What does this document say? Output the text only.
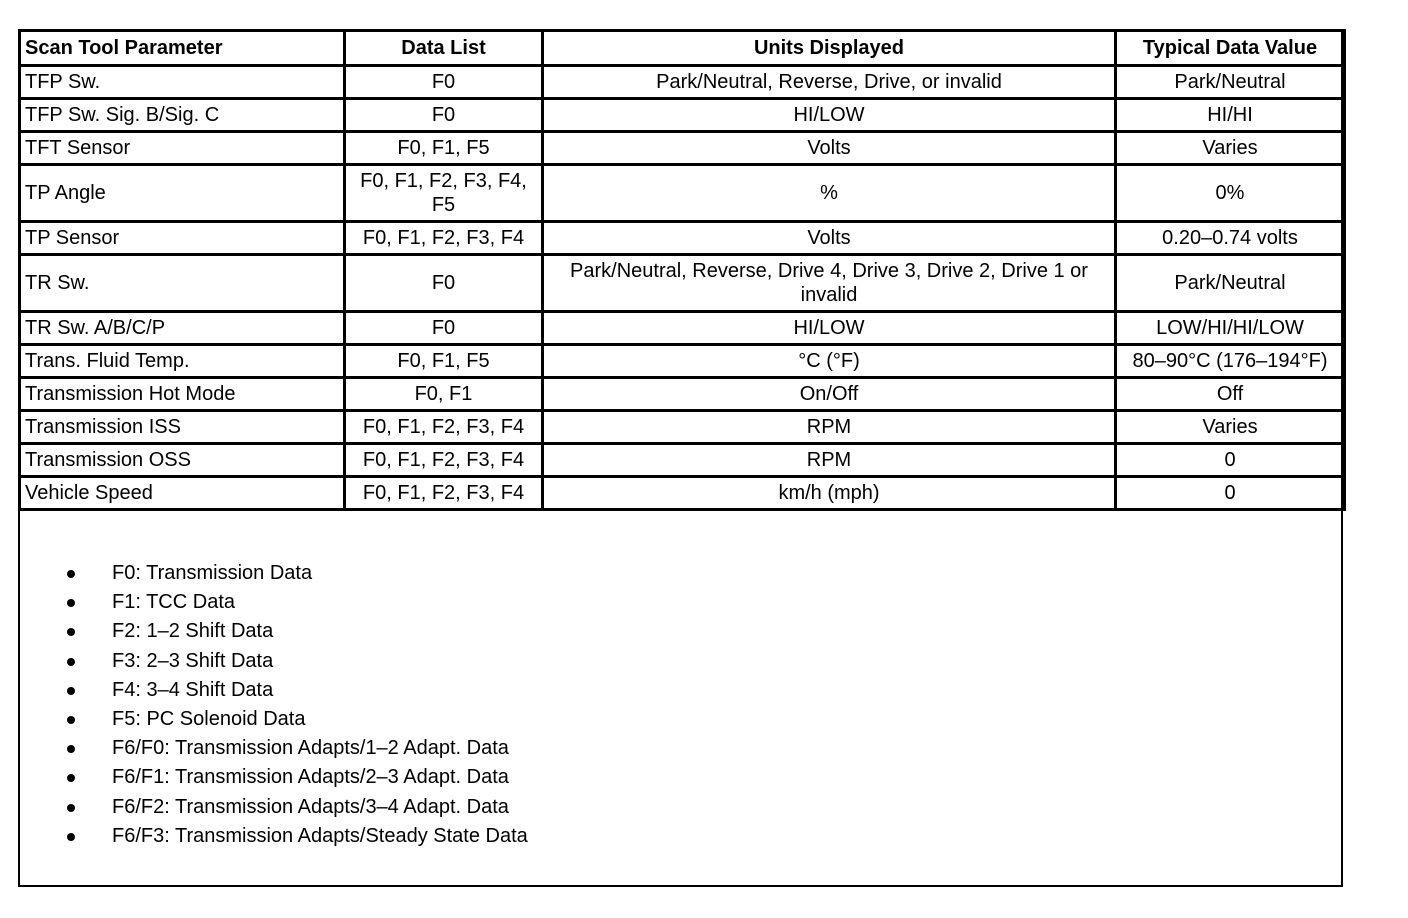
Scan Tool Parameter	Data List	Units Displayed	Typical Data Value
TFP Sw.	F0	Park/Neutral, Reverse, Drive, or invalid	Park/Neutral
TFP Sw. Sig. B/Sig. C	F0	HI/LOW	HI/HI
TFT Sensor	F0, F1, F5	Volts	Varies
TP Angle	F0, F1, F2, F3, F4, F5	%	0%
TP Sensor	F0, F1, F2, F3, F4	Volts	0.20–0.74 volts
TR Sw.	F0	Park/Neutral, Reverse, Drive 4, Drive 3, Drive 2, Drive 1 or invalid	Park/Neutral
TR Sw. A/B/C/P	F0	HI/LOW	LOW/HI/HI/LOW
Trans. Fluid Temp.	F0, F1, F5	°C (°F)	80–90°C (176–194°F)
Transmission Hot Mode	F0, F1	On/Off	Off
Transmission ISS	F0, F1, F2, F3, F4	RPM	Varies
Transmission OSS	F0, F1, F2, F3, F4	RPM	0
Vehicle Speed	F0, F1, F2, F3, F4	km/h (mph)	0
F0: Transmission Data
F1: TCC Data
F2: 1–2 Shift Data
F3: 2–3 Shift Data
F4: 3–4 Shift Data
F5: PC Solenoid Data
F6/F0: Transmission Adapts/1–2 Adapt. Data
F6/F1: Transmission Adapts/2–3 Adapt. Data
F6/F2: Transmission Adapts/3–4 Adapt. Data
F6/F3: Transmission Adapts/Steady State Data
